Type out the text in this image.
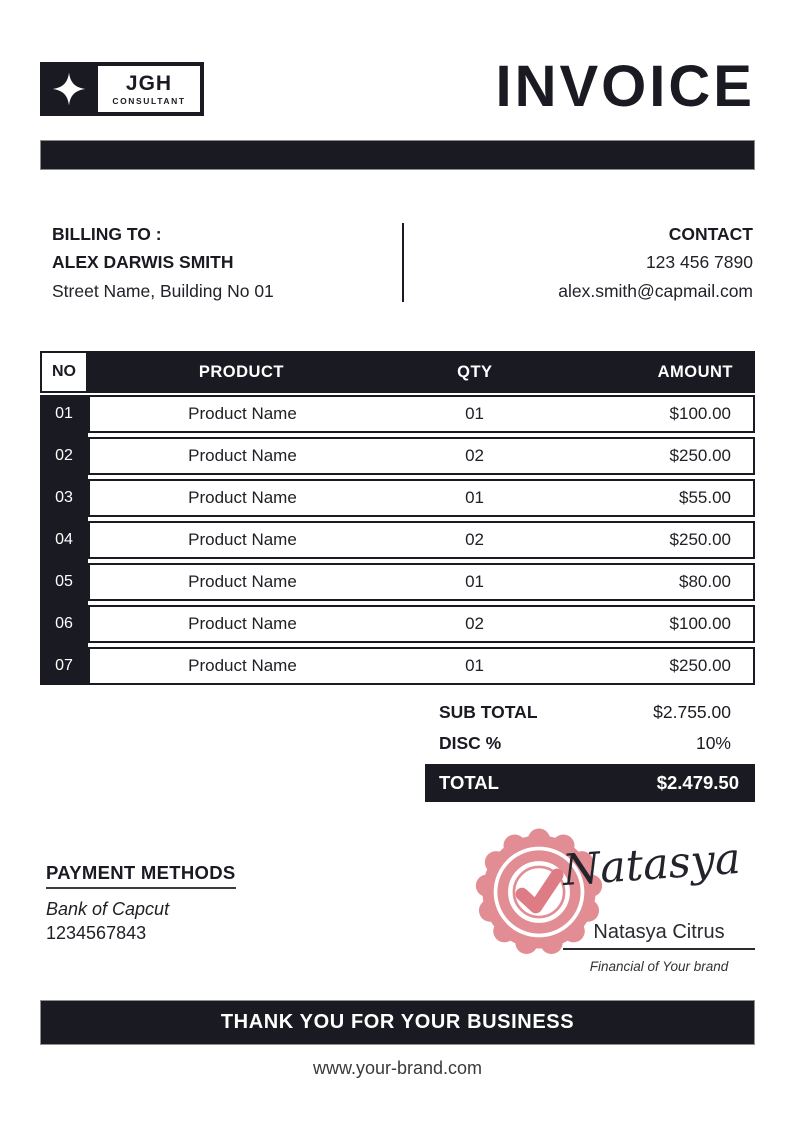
JGH
CONSULTANT	INVOICE
BILLING TO :
ALEX DARWIS SMITH
Street Name, Building No 01
CONTACT
123 456 7890
alex.smith@capmail.com
NO	PRODUCT	QTY	AMOUNT
01	Product Name	01	$100.00
02	Product Name	02	$250.00
03	Product Name	01	$55.00
04	Product Name	02	$250.00
05	Product Name	01	$80.00
06	Product Name	02	$100.00
07	Product Name	01	$250.00
SUB TOTAL	$2.755.00
DISC %	10%
TOTAL	$2.479.50
PAYMENT METHODS
Bank of Capcut
1234567843
Natasya
Natasya Citrus
Financial of Your brand
THANK YOU FOR YOUR BUSINESS
www.your-brand.com
